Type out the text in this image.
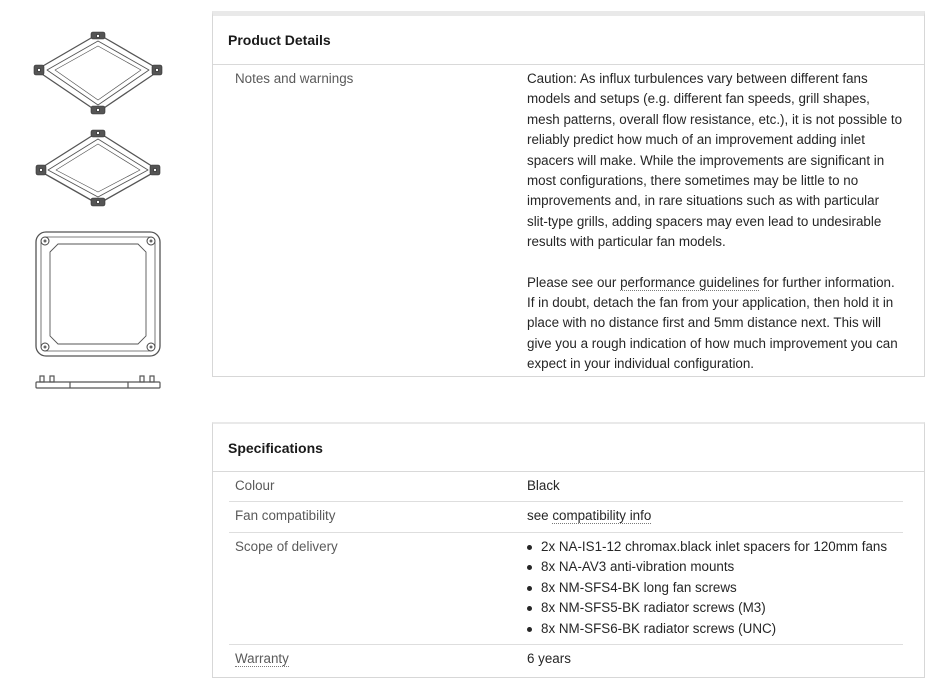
Product Details
Notes and warnings	Caution: As influx turbulences vary between different fans models and setups (e.g. different fan speeds, grill shapes, mesh patterns, overall flow resistance, etc.), it is not possible to reliably predict how much of an improvement adding inlet spacers will make. While the improvements are significant in most configurations, there sometimes may be little to no improvements and, in rare situations such as with particular slit-type grills, adding spacers may even lead to undesirable results with particular fan models.

Please see our performance guidelines for further information. If in doubt, detach the fan from your application, then hold it in place with no distance first and 5mm distance next. This will give you a rough indication of how much improvement you can expect in your individual configuration.

Specifications
Colour	Black
Fan compatibility	see compatibility info
Scope of delivery	2x NA-IS1-12 chromax.black inlet spacers for 120mm fans
8x NA-AV3 anti-vibration mounts
8x NM-SFS4-BK long fan screws
8x NM-SFS5-BK radiator screws (M3)
8x NM-SFS6-BK radiator screws (UNC)
Warranty	6 years
